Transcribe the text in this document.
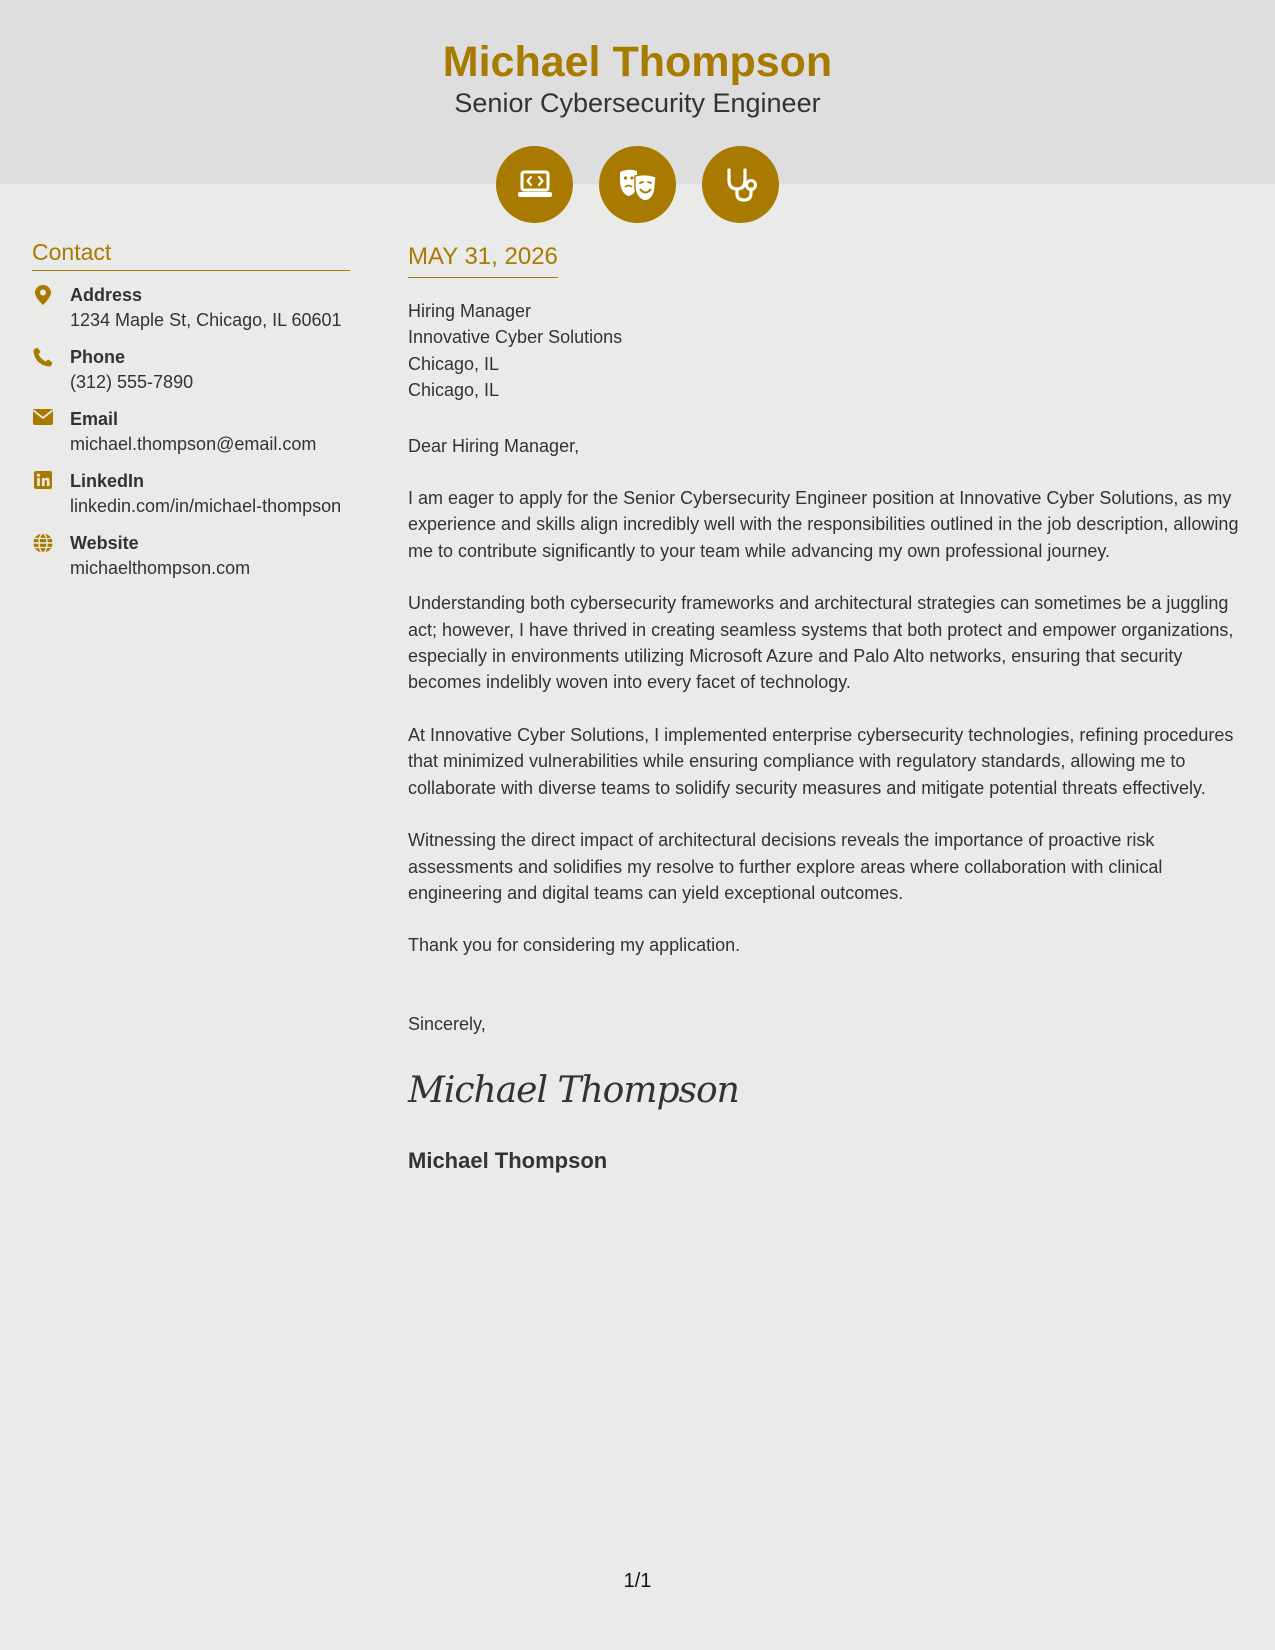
Michael Thompson
Senior Cybersecurity Engineer
Contact
Address
1234 Maple St, Chicago, IL 60601
Phone
(312) 555-7890
Email
michael.thompson@email.com
LinkedIn
linkedin.com/in/michael-thompson
Website
michaelthompson.com
MAY 31, 2026
Hiring Manager
Innovative Cyber Solutions
Chicago, IL
Chicago, IL
Dear Hiring Manager,
I am eager to apply for the Senior Cybersecurity Engineer position at Innovative Cyber Solutions, as my experience and skills align incredibly well with the responsibilities outlined in the job description, allowing me to contribute significantly to your team while advancing my own professional journey.
Understanding both cybersecurity frameworks and architectural strategies can sometimes be a juggling act; however, I have thrived in creating seamless systems that both protect and empower organizations, especially in environments utilizing Microsoft Azure and Palo Alto networks, ensuring that security becomes indelibly woven into every facet of technology.
At Innovative Cyber Solutions, I implemented enterprise cybersecurity technologies, refining procedures that minimized vulnerabilities while ensuring compliance with regulatory standards, allowing me to collaborate with diverse teams to solidify security measures and mitigate potential threats effectively.
Witnessing the direct impact of architectural decisions reveals the importance of proactive risk assessments and solidifies my resolve to further explore areas where collaboration with clinical engineering and digital teams can yield exceptional outcomes.
Thank you for considering my application.
Sincerely,
Michael Thompson
Michael Thompson
1/1
